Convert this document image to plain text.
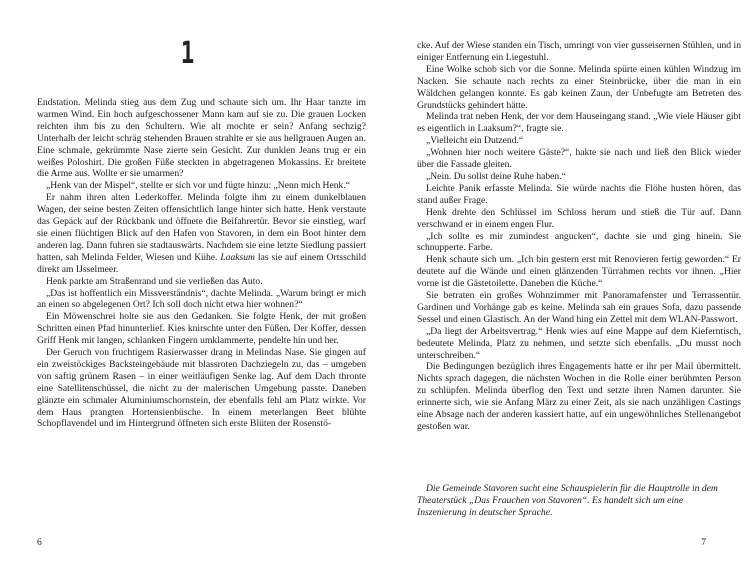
1

Endstation. Melinda stieg aus dem Zug und schaute sich um. Ihr Haar tanzte im warmen Wind. Ein hoch aufgeschossener Mann kam auf sie zu. Die grauen Locken reichten ihm bis zu den Schultern. Wie alt mochte er sein? Anfang sechzig? Unterhalb der leicht schräg stehenden Brauen strahlte er sie aus hellgrauen Augen an. Eine schmale, gekrümmte Nase zierte sein Gesicht. Zur dunklen Jeans trug er ein weißes Poloshirt. Die großen Füße steckten in abgetragenen Mokassins. Er breitete die Arme aus. Wollte er sie umarmen?

„Henk van der Mispel“, stellte er sich vor und fügte hinzu: „Nenn mich Henk.“

Er nahm ihren alten Lederkoffer. Melinda folgte ihm zu einem dunkelblauen Wagen, der seine besten Zeiten offensichtlich lange hinter sich hatte. Henk verstaute das Gepäck auf der Rückbank und öffnete die Beifahrertür. Bevor sie einstieg, warf sie einen flüchtigen Blick auf den Hafen von Stavoren, in dem ein Boot hinter dem anderen lag. Dann fuhren sie stadtauswärts. Nachdem sie eine letzte Siedlung passiert hatten, sah Melinda Felder, Wiesen und Kühe. Laaksum las sie auf einem Ortsschild direkt am IJsselmeer.

Henk parkte am Straßenrand und sie verließen das Auto.

„Das ist hoffentlich ein Missverständnis“, dachte Melinda. „Warum bringt er mich an einen so abgelegenen Ort? Ich soll doch nicht etwa hier wohnen?“

Ein Möwenschrei holte sie aus den Gedanken. Sie folgte Henk, der mit großen Schritten einen Pfad hinunterlief. Kies knirschte unter den Füßen. Der Koffer, dessen Griff Henk mit langen, schlanken Fingern umklammerte, pendelte hin und her.

Der Geruch von fruchtigem Rasierwasser drang in Melindas Nase. Sie gingen auf ein zweistöckiges Backsteingebäude mit blassroten Dachziegeln zu, das – umgeben von saftig grünem Rasen – in einer weitläufigen Senke lag. Auf dem Dach thronte eine Satellitenschüssel, die nicht zu der malerischen Umgebung passte. Daneben glänzte ein schmaler Aluminiumschornstein, der ebenfalls fehl am Platz wirkte. Vor dem Haus prangten Hortensienbüsche. In einem meterlangen Beet blühte Schopflavendel und im Hintergrund öffneten sich erste Blüten der Rosenstö-

6

cke. Auf der Wiese standen ein Tisch, umringt von vier gusseisernen Stühlen, und in einiger Entfernung ein Liegestuhl.

Eine Wolke schob sich vor die Sonne. Melinda spürte einen kühlen Windzug im Nacken. Sie schaute nach rechts zu einer Steinbrücke, über die man in ein Wäldchen gelangen konnte. Es gab keinen Zaun, der Unbefugte am Betreten des Grundstücks gehindert hätte.

Melinda trat neben Henk, der vor dem Hauseingang stand. „Wie viele Häuser gibt es eigentlich in Laaksum?“, fragte sie.

„Vielleicht ein Dutzend.“

„Wohnen hier noch weitere Gäste?“, hakte sie nach und ließ den Blick wieder über die Fassade gleiten.

„Nein. Du sollst deine Ruhe haben.“

Leichte Panik erfasste Melinda. Sie würde nachts die Flöhe husten hören, das stand außer Frage.

Henk drehte den Schlüssel im Schloss herum und stieß die Tür auf. Dann verschwand er in einem engen Flur.

„Ich sollte es mir zumindest angucken“, dachte sie und ging hinein. Sie schnupperte. Farbe.

Henk schaute sich um. „Ich bin gestern erst mit Renovieren fertig geworden.“ Er deutete auf die Wände und einen glänzenden Türrahmen rechts vor ihnen. „Hier vorne ist die Gästetoilette. Daneben die Küche.“

Sie betraten ein großes Wohnzimmer mit Panoramafenster und Terrassentür. Gardinen und Vorhänge gab es keine. Melinda sah ein graues Sofa, dazu passende Sessel und einen Glastisch. An der Wand hing ein Zettel mit dem WLAN-Passwort.

„Da liegt der Arbeitsvertrag.“ Henk wies auf eine Mappe auf dem Kieferntisch, bedeutete Melinda, Platz zu nehmen, und setzte sich ebenfalls. „Du musst noch unterschreiben.“

Die Bedingungen bezüglich ihres Engagements hatte er ihr per Mail übermittelt. Nichts sprach dagegen, die nächsten Wochen in die Rolle einer berühmten Person zu schlüpfen. Melinda überflog den Text und setzte ihren Namen darunter. Sie erinnerte sich, wie sie Anfang März zu einer Zeit, als sie nach unzähligen Castings eine Absage nach der anderen kassiert hatte, auf ein ungewöhnliches Stellenangebot gestoßen war.

Die Gemeinde Stavoren sucht eine Schauspielerin für die Hauptrolle in dem Theaterstück „Das Frauchen von Stavoren“. Es handelt sich um eine Inszenierung in deutscher Sprache.

7
